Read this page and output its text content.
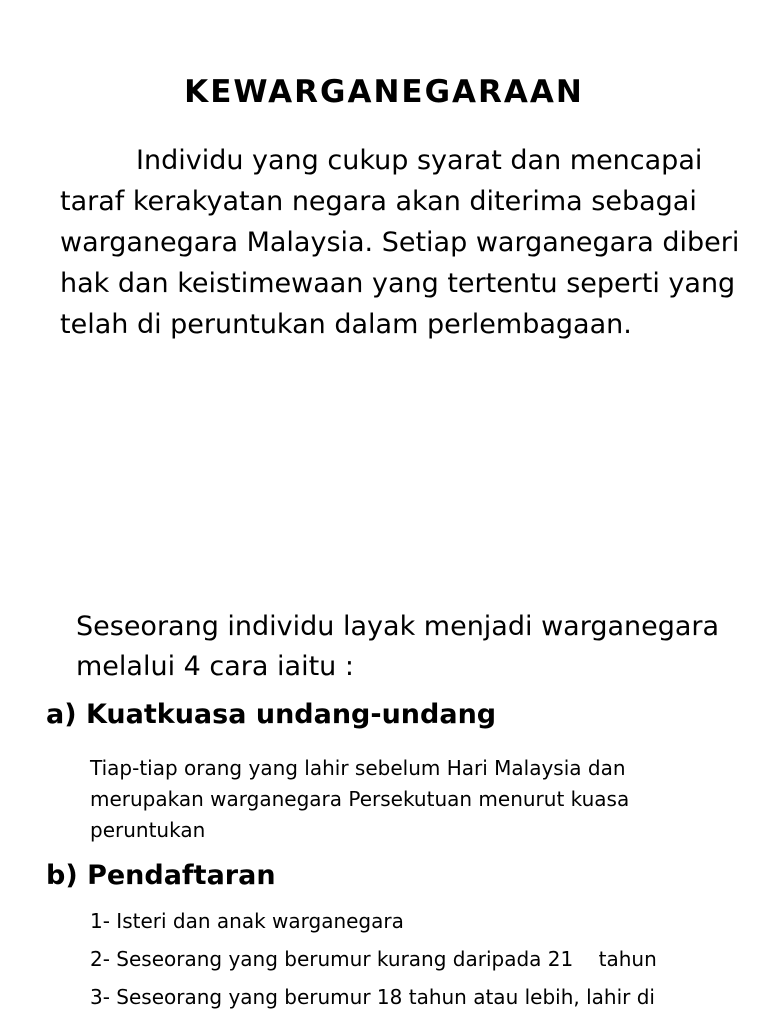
KEWARGANEGARAAN

Individu yang cukup syarat dan mencapai taraf kerakyatan negara akan diterima sebagai warganegara Malaysia. Setiap warganegara diberi hak dan keistimewaan yang tertentu seperti yang telah di peruntukan dalam perlembagaan.

Seseorang individu layak menjadi warganegara melalui 4 cara iaitu :

a) Kuatkuasa undang-undang

Tiap-tiap orang yang lahir sebelum Hari Malaysia dan merupakan warganegara Persekutuan menurut kuasa peruntukan

b) Pendaftaran
1- Isteri dan anak warganegara
2- Seseorang yang berumur kurang daripada 21    tahun
3- Seseorang yang berumur 18 tahun atau lebih, lahir di
